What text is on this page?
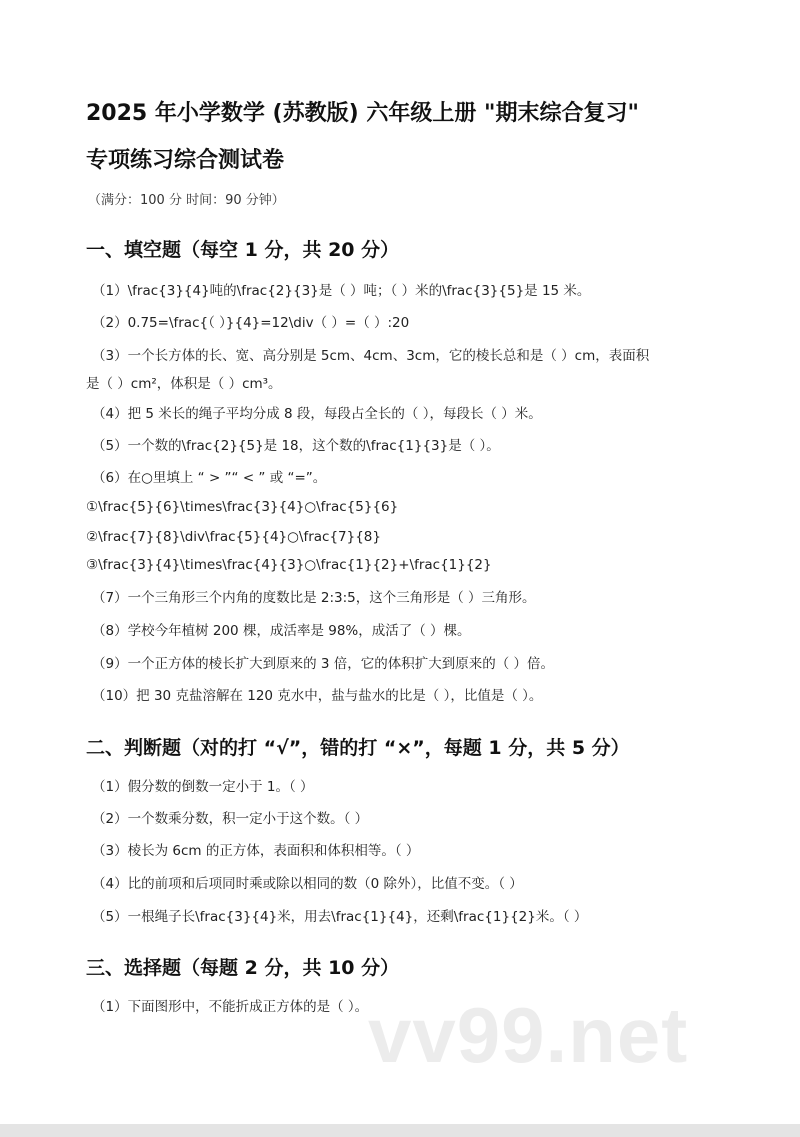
2025 年小学数学 (苏教版) 六年级上册 "期末综合复习"
专项练习综合测试卷
（满分：100 分 时间：90 分钟）
一、填空题（每空 1 分，共 20 分）
（1）\frac{3}{4}吨的\frac{2}{3}是（ ）吨；（ ）米的\frac{3}{5}是 15 米。
（2）0.75=\frac{（ ）}{4}=12\div（ ）=（ ）:20
（3）一个长方体的长、宽、高分别是 5cm、4cm、3cm，它的棱长总和是（ ）cm，表面积
是（ ）cm²，体积是（ ）cm³。
（4）把 5 米长的绳子平均分成 8 段，每段占全长的（ ），每段长（ ）米。
（5）一个数的\frac{2}{5}是 18，这个数的\frac{1}{3}是（ ）。
（6）在○里填上 “ > ”“ < ” 或 “=”。
①\frac{5}{6}\times\frac{3}{4}○\frac{5}{6}
②\frac{7}{8}\div\frac{5}{4}○\frac{7}{8}
③\frac{3}{4}\times\frac{4}{3}○\frac{1}{2}+\frac{1}{2}
（7）一个三角形三个内角的度数比是 2:3:5，这个三角形是（ ）三角形。
（8）学校今年植树 200 棵，成活率是 98%，成活了（ ）棵。
（9）一个正方体的棱长扩大到原来的 3 倍，它的体积扩大到原来的（ ）倍。
（10）把 30 克盐溶解在 120 克水中，盐与盐水的比是（ ），比值是（ ）。
二、判断题（对的打 “√”，错的打 “×”，每题 1 分，共 5 分）
（1）假分数的倒数一定小于 1。（ ）
（2）一个数乘分数，积一定小于这个数。（ ）
（3）棱长为 6cm 的正方体，表面积和体积相等。（ ）
（4）比的前项和后项同时乘或除以相同的数（0 除外），比值不变。（ ）
（5）一根绳子长\frac{3}{4}米，用去\frac{1}{4}，还剩\frac{1}{2}米。（ ）
三、选择题（每题 2 分，共 10 分）
（1）下面图形中，不能折成正方体的是（ ）。 vv99.net
